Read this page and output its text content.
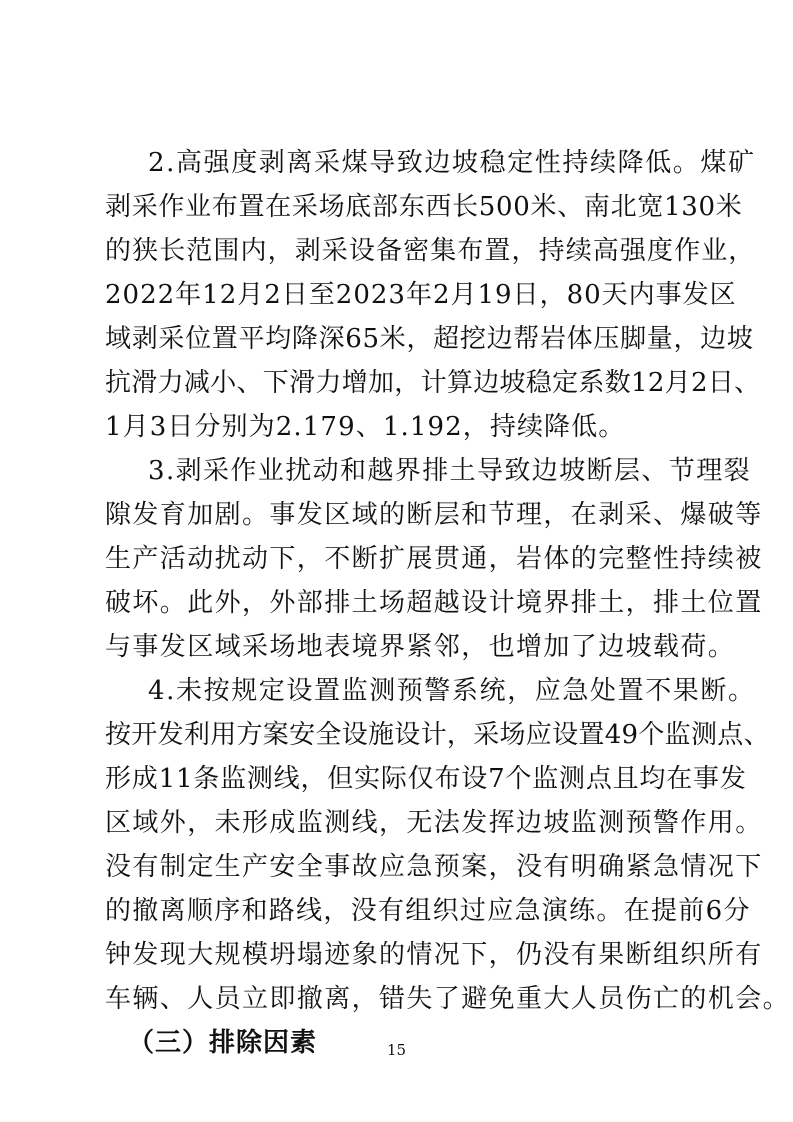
2.高强度剥离采煤导致边坡稳定性持续降低。煤矿
剥采作业布置在采场底部东西长500米、南北宽130米
的狭长范围内，剥采设备密集布置，持续高强度作业，
2022年12月2日至2023年2月19日，80天内事发区
域剥采位置平均降深65米，超挖边帮岩体压脚量，边坡
抗滑力减小、下滑力增加，计算边坡稳定系数12月2日、
1月3日分别为2.179、1.192，持续降低。
3.剥采作业扰动和越界排土导致边坡断层、节理裂
隙发育加剧。事发区域的断层和节理，在剥采、爆破等
生产活动扰动下，不断扩展贯通，岩体的完整性持续被
破坏。此外，外部排土场超越设计境界排土，排土位置
与事发区域采场地表境界紧邻，也增加了边坡载荷。
4.未按规定设置监测预警系统，应急处置不果断。
按开发利用方案安全设施设计，采场应设置49个监测点、
形成11条监测线，但实际仅布设7个监测点且均在事发
区域外，未形成监测线，无法发挥边坡监测预警作用。
没有制定生产安全事故应急预案，没有明确紧急情况下
的撤离顺序和路线，没有组织过应急演练。在提前6分
钟发现大规模坍塌迹象的情况下，仍没有果断组织所有
车辆、人员立即撤离，错失了避免重大人员伤亡的机会。
（三）排除因素	15
